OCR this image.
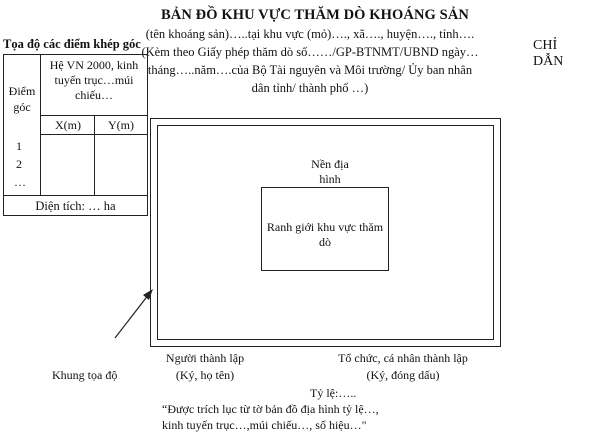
BẢN ĐỒ KHU VỰC THĂM DÒ KHOÁNG SẢN
(tên khoáng sản)…..tại khu vực (mỏ)…., xã…., huyện…., tỉnh….
(Kèm theo Giấy phép thăm dò số……/GP-BTNMT/UBND ngày…
tháng…..năm….của Bộ Tài nguyên và Môi trường/ Ủy ban nhân
dân tỉnh/ thành phố …)
CHỈ DẪN
Tọa độ các điểm khép góc
Điểm góc
Hệ VN 2000, kinh tuyến trục…múi chiếu…
X(m)	Y(m)
1
2
…
Diện tích: … ha
Nền địa hình
Ranh giới khu vực thăm dò
Khung tọa độ
Người thành lập
(Ký, họ tên)
Tổ chức, cá nhân thành lập
(Ký, đóng dấu)
Tỷ lệ:…..
“Được trích lục từ tờ bản đồ địa hình tỷ lệ…,
kinh tuyến trục…,múi chiếu…, số hiệu…"
